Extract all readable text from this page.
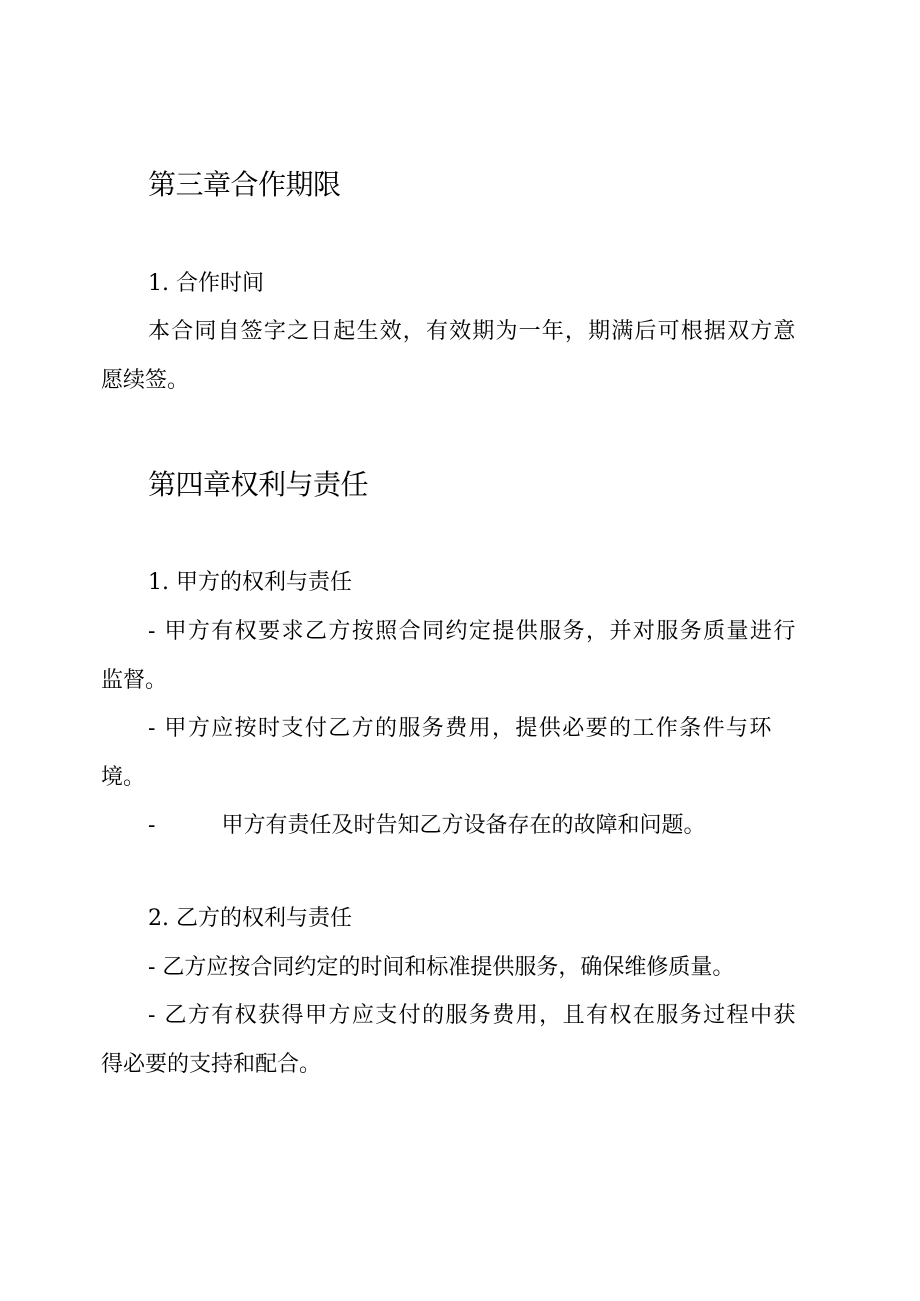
第三章合作期限

1. 合作时间

本合同自签字之日起生效，有效期为一年，期满后可根据双方意

愿续签。

第四章权利与责任

1. 甲方的权利与责任

- 甲方有权要求乙方按照合同约定提供服务，并对服务质量进行

监督。

- 甲方应按时支付乙方的服务费用，提供必要的工作条件与环

境。

-	甲方有责任及时告知乙方设备存在的故障和问题。

2. 乙方的权利与责任

- 乙方应按合同约定的时间和标准提供服务，确保维修质量。

- 乙方有权获得甲方应支付的服务费用，且有权在服务过程中获

得必要的支持和配合。
